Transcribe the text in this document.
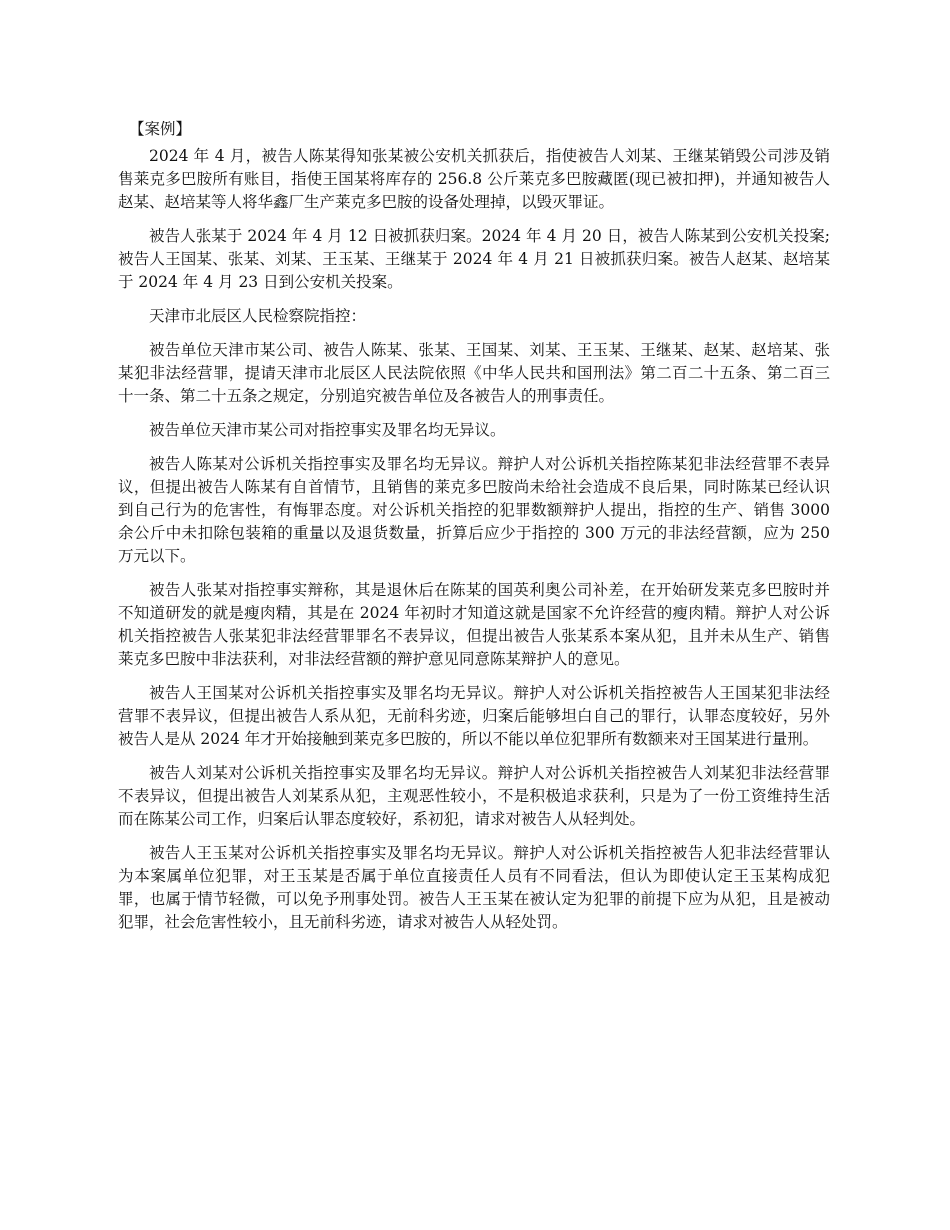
【案例】

2024 年 4 月，被告人陈某得知张某被公安机关抓获后，指使被告人刘某、王继某销毁公司涉及销售莱克多巴胺所有账目，指使王国某将库存的 256.8 公斤莱克多巴胺藏匿(现已被扣押)，并通知被告人赵某、赵培某等人将华鑫厂生产莱克多巴胺的设备处理掉，以毁灭罪证。

被告人张某于 2024 年 4 月 12 日被抓获归案。2024 年 4 月 20 日，被告人陈某到公安机关投案;被告人王国某、张某、刘某、王玉某、王继某于 2024 年 4 月 21 日被抓获归案。被告人赵某、赵培某于 2024 年 4 月 23 日到公安机关投案。

天津市北辰区人民检察院指控：

被告单位天津市某公司、被告人陈某、张某、王国某、刘某、王玉某、王继某、赵某、赵培某、张某犯非法经营罪，提请天津市北辰区人民法院依照《中华人民共和国刑法》第二百二十五条、第二百三十一条、第二十五条之规定，分别追究被告单位及各被告人的刑事责任。

被告单位天津市某公司对指控事实及罪名均无异议。

被告人陈某对公诉机关指控事实及罪名均无异议。辩护人对公诉机关指控陈某犯非法经营罪不表异议，但提出被告人陈某有自首情节，且销售的莱克多巴胺尚未给社会造成不良后果，同时陈某已经认识到自己行为的危害性，有悔罪态度。对公诉机关指控的犯罪数额辩护人提出，指控的生产、销售 3000 余公斤中未扣除包装箱的重量以及退货数量，折算后应少于指控的 300 万元的非法经营额，应为 250 万元以下。

被告人张某对指控事实辩称，其是退休后在陈某的国英利奥公司补差，在开始研发莱克多巴胺时并不知道研发的就是瘦肉精，其是在 2024 年初时才知道这就是国家不允许经营的瘦肉精。辩护人对公诉机关指控被告人张某犯非法经营罪罪名不表异议，但提出被告人张某系本案从犯，且并未从生产、销售莱克多巴胺中非法获利，对非法经营额的辩护意见同意陈某辩护人的意见。

被告人王国某对公诉机关指控事实及罪名均无异议。辩护人对公诉机关指控被告人王国某犯非法经营罪不表异议，但提出被告人系从犯，无前科劣迹，归案后能够坦白自己的罪行，认罪态度较好，另外被告人是从 2024 年才开始接触到莱克多巴胺的，所以不能以单位犯罪所有数额来对王国某进行量刑。

被告人刘某对公诉机关指控事实及罪名均无异议。辩护人对公诉机关指控被告人刘某犯非法经营罪不表异议，但提出被告人刘某系从犯，主观恶性较小，不是积极追求获利，只是为了一份工资维持生活而在陈某公司工作，归案后认罪态度较好，系初犯，请求对被告人从轻判处。

被告人王玉某对公诉机关指控事实及罪名均无异议。辩护人对公诉机关指控被告人犯非法经营罪认为本案属单位犯罪，对王玉某是否属于单位直接责任人员有不同看法，但认为即使认定王玉某构成犯罪，也属于情节轻微，可以免予刑事处罚。被告人王玉某在被认定为犯罪的前提下应为从犯，且是被动犯罪，社会危害性较小，且无前科劣迹，请求对被告人从轻处罚。
